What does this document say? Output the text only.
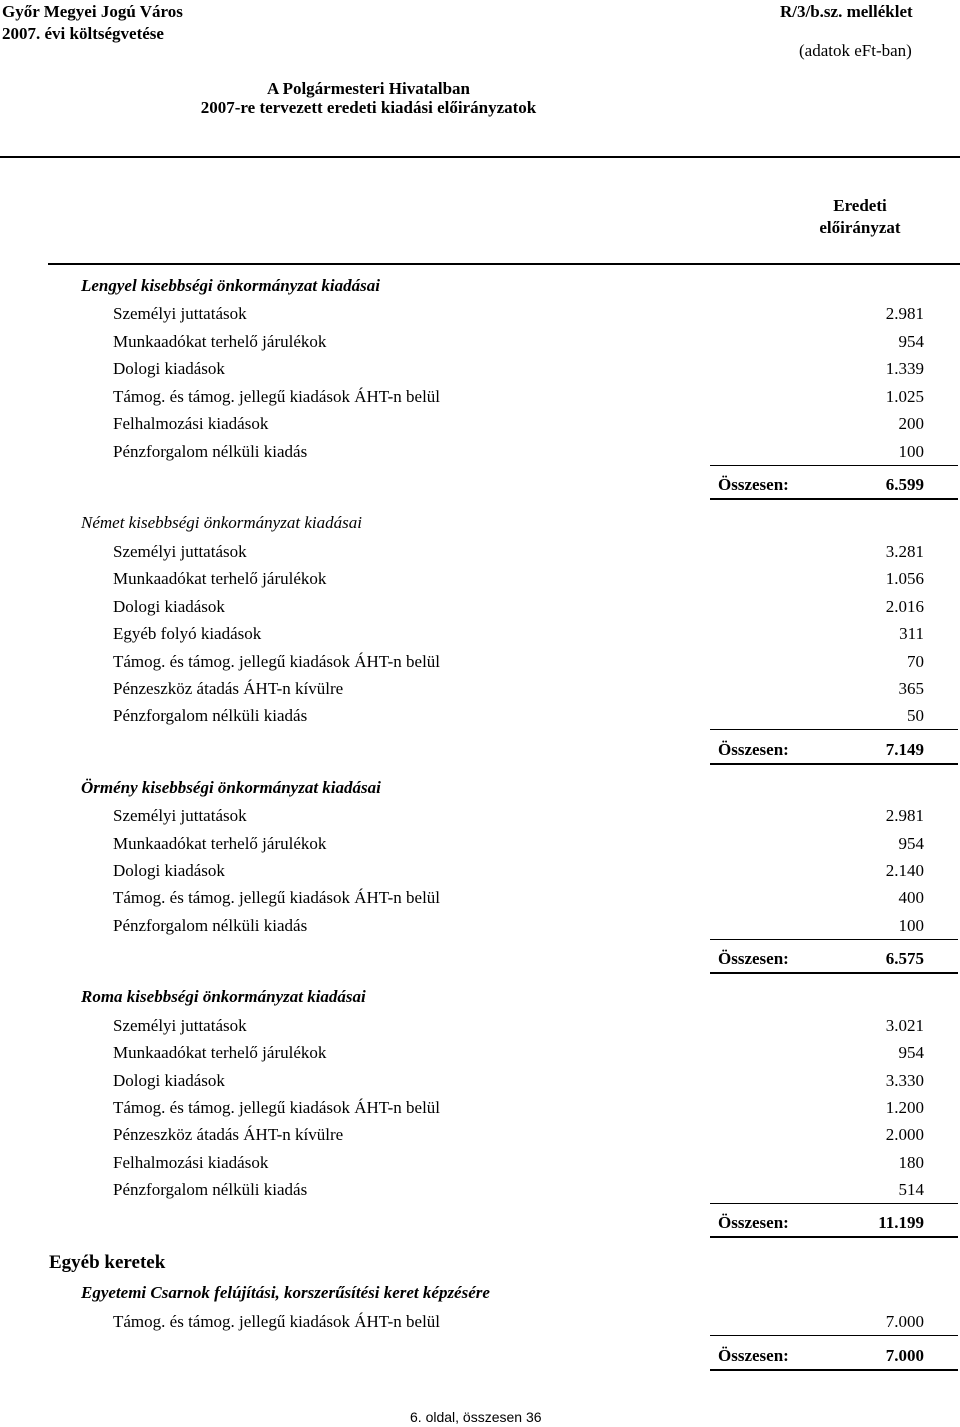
Győr Megyei Jogú Város
2007. évi költségvetése
R/3/b.sz. melléklet
(adatok eFt-ban)
A Polgármesteri Hivatalban
2007-re tervezett eredeti kiadási előirányzatok
Eredeti
előirányzat
Lengyel kisebbségi önkormányzat kiadásai
Személyi juttatások	2.981
Munkaadókat terhelő járulékok	954
Dologi kiadások	1.339
Támog. és támog. jellegű kiadások ÁHT-n belül	1.025
Felhalmozási kiadások	200
Pénzforgalom nélküli kiadás	100
Összesen:	6.599
Német kisebbségi önkormányzat kiadásai
Személyi juttatások	3.281
Munkaadókat terhelő járulékok	1.056
Dologi kiadások	2.016
Egyéb folyó kiadások	311
Támog. és támog. jellegű kiadások ÁHT-n belül	70
Pénzeszköz átadás ÁHT-n kívülre	365
Pénzforgalom nélküli kiadás	50
Összesen:	7.149
Örmény kisebbségi önkormányzat kiadásai
Személyi juttatások	2.981
Munkaadókat terhelő járulékok	954
Dologi kiadások	2.140
Támog. és támog. jellegű kiadások ÁHT-n belül	400
Pénzforgalom nélküli kiadás	100
Összesen:	6.575
Roma kisebbségi önkormányzat kiadásai
Személyi juttatások	3.021
Munkaadókat terhelő járulékok	954
Dologi kiadások	3.330
Támog. és támog. jellegű kiadások ÁHT-n belül	1.200
Pénzeszköz átadás ÁHT-n kívülre	2.000
Felhalmozási kiadások	180
Pénzforgalom nélküli kiadás	514
Összesen:	11.199
Egyéb keretek
Egyetemi Csarnok felújítási, korszerűsítési keret képzésére
Támog. és támog. jellegű kiadások ÁHT-n belül	7.000
Összesen:	7.000
6. oldal, összesen 36
